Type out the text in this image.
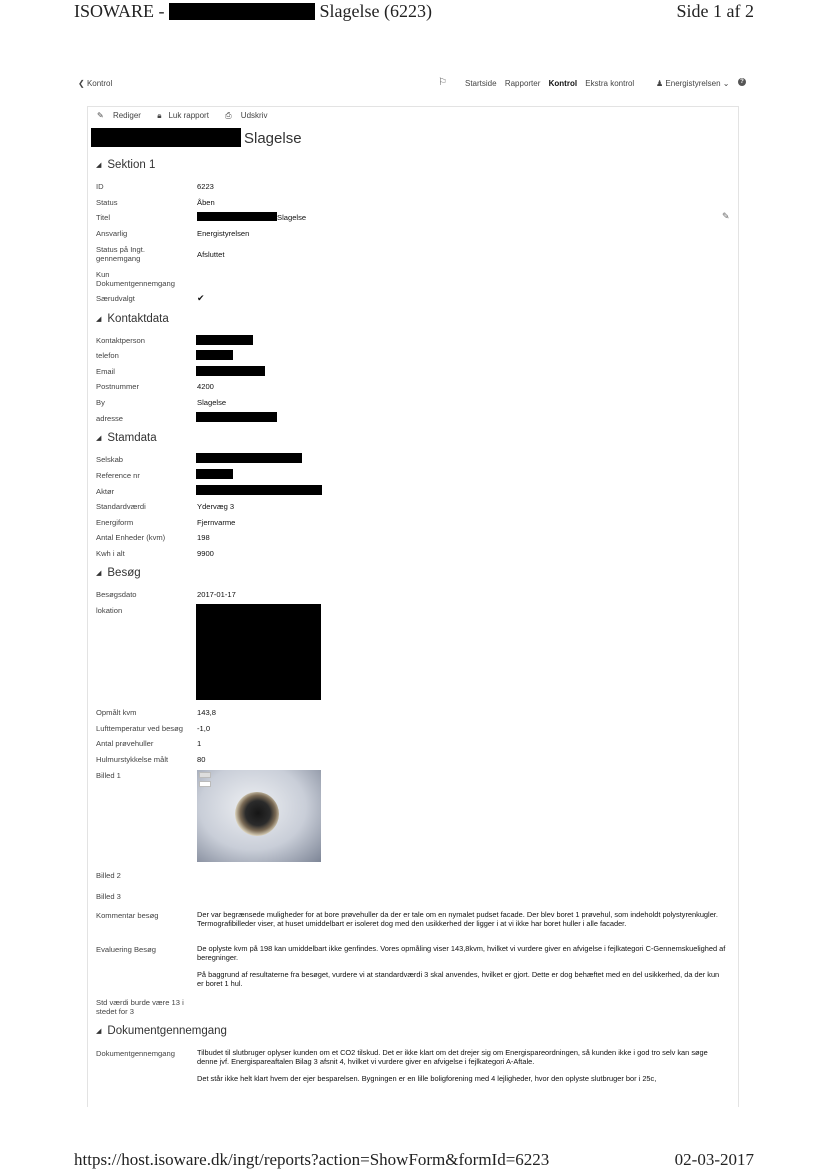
ISOWARE -	Slagelse (6223)	Side 1 af 2
❮ Kontrol	⚐ Startside Rapporter Kontrol Ekstra kontrol	♟ Energistyrelsen ⌄	?
✎ Rediger 🔒︎ Luk rapport ⎙ Udskriv
Slagelse
◢ Sektion 1
ID	6223
Status	Åben
Titel	Slagelse	✎
Ansvarlig	Energistyrelsen
Status på Ingt. gennemgang	Afsluttet
Kun Dokumentgennemgang
Særudvalgt	✔
◢ Kontaktdata
Kontaktperson
telefon
Email
Postnummer	4200
By	Slagelse
adresse
◢ Stamdata
Selskab
Reference nr
Aktør
Standardværdi	Ydervæg 3
Energiform	Fjernvarme
Antal Enheder (kvm)	198
Kwh i alt	9900
◢ Besøg
Besøgsdato	2017-01-17
lokation
Opmålt kvm	143,8
Lufttemperatur ved besøg	-1,0
Antal prøvehuller	1
Hulmurstykkelse målt	80
Billed 1
Billed 2
Billed 3
Kommentar besøg	Der var begrænsede muligheder for at bore prøvehuller da der er tale om en nymalet pudset facade. Der blev boret 1 prøvehul, som indeholdt polystyrenkugler.
Termografibilleder viser, at huset umiddelbart er isoleret dog med den usikkerhed der ligger i at vi ikke har boret huller i alle facader.
Evaluering Besøg	De oplyste kvm på 198 kan umiddelbart ikke genfindes. Vores opmåling viser 143,8kvm, hvilket vi vurdere giver en afvigelse i fejlkategori C-Gennemskuelighed af beregninger.
På baggrund af resultaterne fra besøget, vurdere vi at standardværdi 3 skal anvendes, hvilket er gjort. Dette er dog behæftet med en del usikkerhed, da der kun er boret 1 hul.
Std værdi burde være 13 i stedet for 3
◢ Dokumentgennemgang
Dokumentgennemgang	Tilbudet til slutbruger oplyser kunden om et CO2 tilskud. Det er ikke klart om det drejer sig om Energispareordningen, så kunden ikke i god tro selv kan søge denne jvf. Energispareaftalen Bilag 3 afsnit 4, hvilket vi vurdere giver en afvigelse i fejlkategori A-Aftale.
Det står ikke helt klart hvem der ejer besparelsen. Bygningen er en lille boligforening med 4 lejligheder, hvor den oplyste slutbruger bor i 25c,
https://host.isoware.dk/ingt/reports?action=ShowForm&formId=6223	02-03-2017
